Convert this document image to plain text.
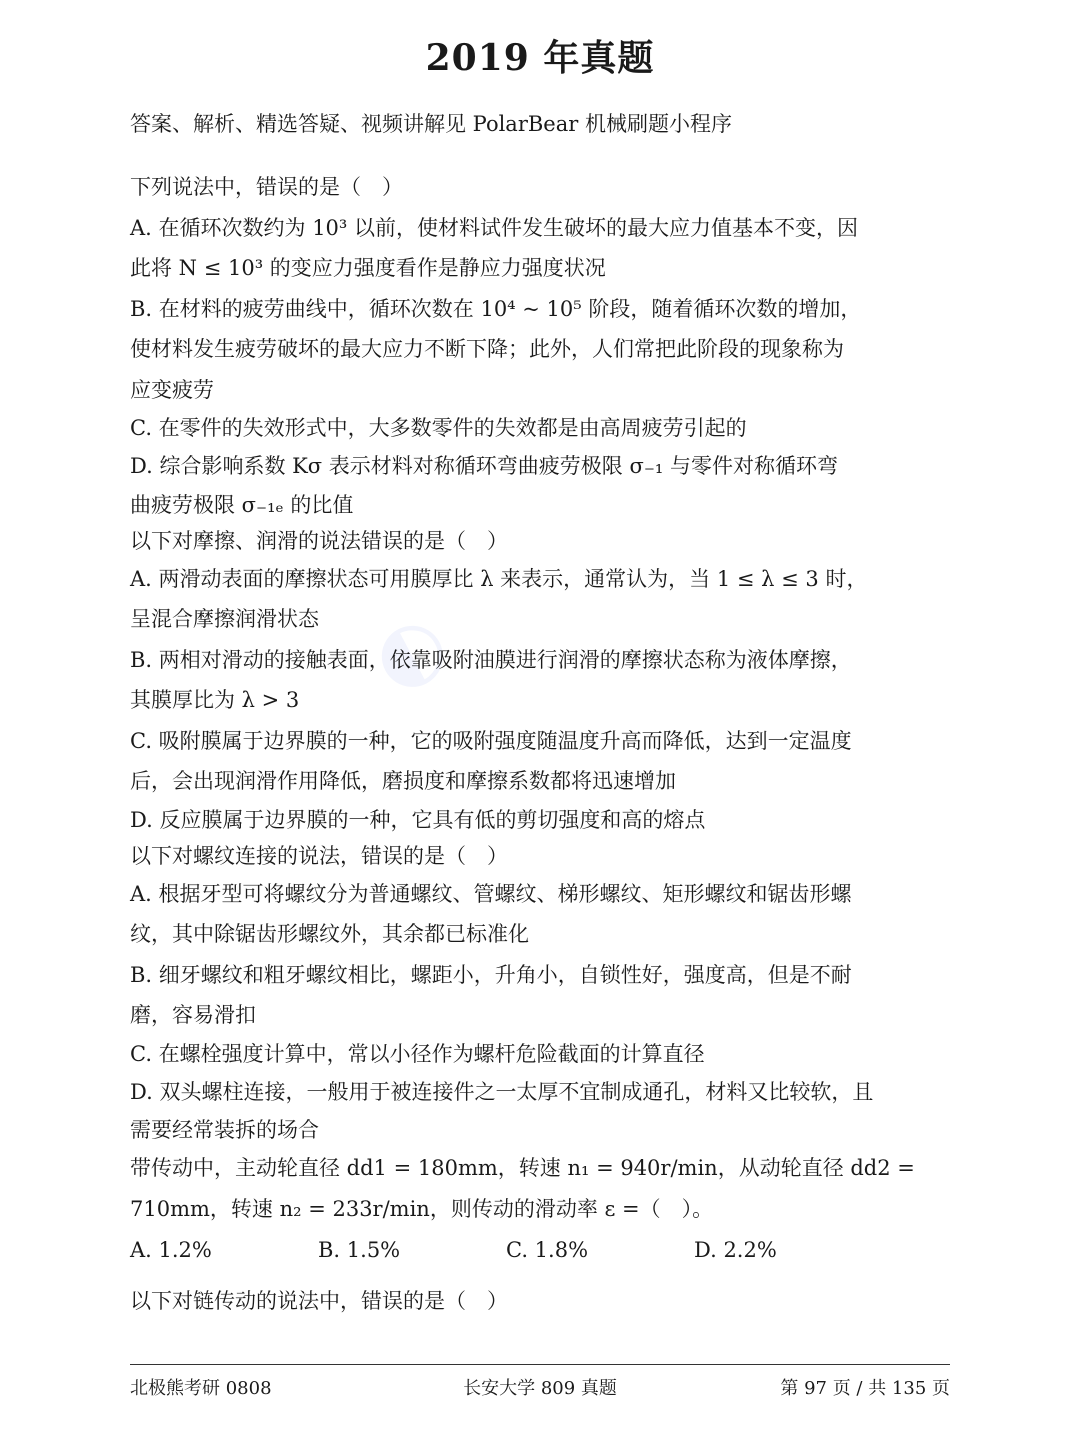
◐
2019 年真题
答案、解析、精选答疑、视频讲解见 PolarBear 机械刷题小程序
下列说法中，错误的是（　）
A. 在循环次数约为 10³ 以前，使材料试件发生破坏的最大应力值基本不变，因
此将 N ≤ 10³ 的变应力强度看作是静应力强度状况
B. 在材料的疲劳曲线中，循环次数在 10⁴ ~ 10⁵ 阶段，随着循环次数的增加，
使材料发生疲劳破坏的最大应力不断下降；此外，人们常把此阶段的现象称为
应变疲劳
C. 在零件的失效形式中，大多数零件的失效都是由高周疲劳引起的
D. 综合影响系数 Kσ 表示材料对称循环弯曲疲劳极限 σ₋₁ 与零件对称循环弯
曲疲劳极限 σ₋₁ₑ 的比值
以下对摩擦、润滑的说法错误的是（　）
A. 两滑动表面的摩擦状态可用膜厚比 λ 来表示，通常认为，当 1 ≤ λ ≤ 3 时，
呈混合摩擦润滑状态
B. 两相对滑动的接触表面，依靠吸附油膜进行润滑的摩擦状态称为液体摩擦，
其膜厚比为 λ > 3
C. 吸附膜属于边界膜的一种，它的吸附强度随温度升高而降低，达到一定温度
后，会出现润滑作用降低，磨损度和摩擦系数都将迅速增加
D. 反应膜属于边界膜的一种，它具有低的剪切强度和高的熔点
以下对螺纹连接的说法，错误的是（　）
A. 根据牙型可将螺纹分为普通螺纹、管螺纹、梯形螺纹、矩形螺纹和锯齿形螺
纹，其中除锯齿形螺纹外，其余都已标准化
B. 细牙螺纹和粗牙螺纹相比，螺距小，升角小，自锁性好，强度高，但是不耐
磨，容易滑扣
C. 在螺栓强度计算中，常以小径作为螺杆危险截面的计算直径
D. 双头螺柱连接，一般用于被连接件之一太厚不宜制成通孔，材料又比较软，且
需要经常装拆的场合
带传动中，主动轮直径 dd1 = 180mm，转速 n₁ = 940r/min，从动轮直径 dd2 =
710mm，转速 n₂ = 233r/min，则传动的滑动率 ε =（　）。
A. 1.2%	B. 1.5%	C. 1.8%	D. 2.2%
以下对链传动的说法中，错误的是（　）
北极熊考研 0808	长安大学 809 真题	第 97 页 / 共 135 页
